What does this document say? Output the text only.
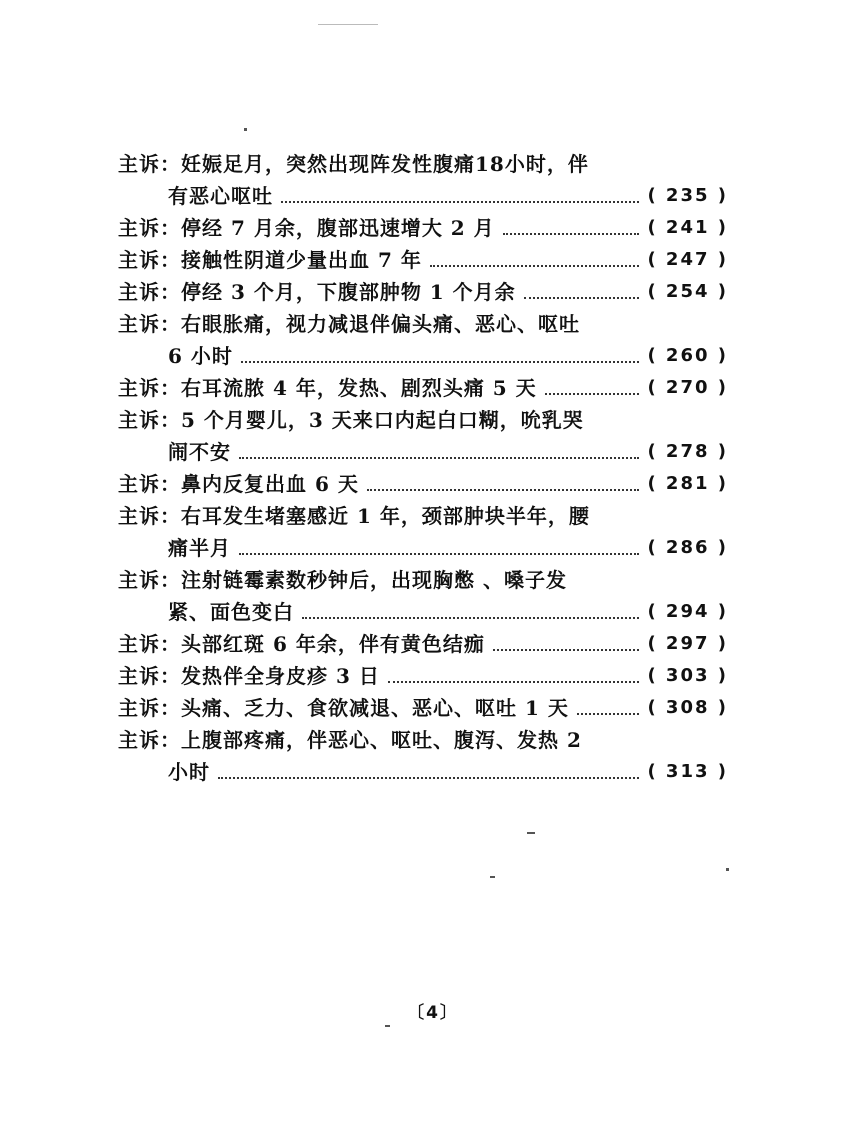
主诉： 妊娠足月，突然出现阵发性腹痛18小时，伴
有恶心呕吐	( 235 )
主诉： 停经 7 月余，腹部迅速增大 2 月	( 241 )
主诉： 接触性阴道少量出血 7 年	( 247 )
主诉： 停经 3 个月，下腹部肿物 1 个月余	( 254 )
主诉： 右眼胀痛，视力减退伴偏头痛、恶心、呕吐
6 小时	( 260 )
主诉： 右耳流脓 4 年，发热、剧烈头痛 5 天	( 270 )
主诉： 5 个月婴儿，3 天来口内起白口糊，吮乳哭
闹不安	( 278 )
主诉： 鼻内反复出血 6 天	( 281 )
主诉： 右耳发生堵塞感近 1 年，颈部肿块半年，腰
痛半月	( 286 )
主诉： 注射链霉素数秒钟后，出现胸憋 、嗓子发
紧、面色变白	( 294 )
主诉： 头部红斑 6 年余，伴有黄色结痂	( 297 )
主诉： 发热伴全身皮疹 3 日	( 303 )
主诉： 头痛、乏力、食欲减退、恶心、呕吐 1 天	( 308 )
主诉： 上腹部疼痛，伴恶心、呕吐、腹泻、发热 2
小时	( 313 )
〔4〕
